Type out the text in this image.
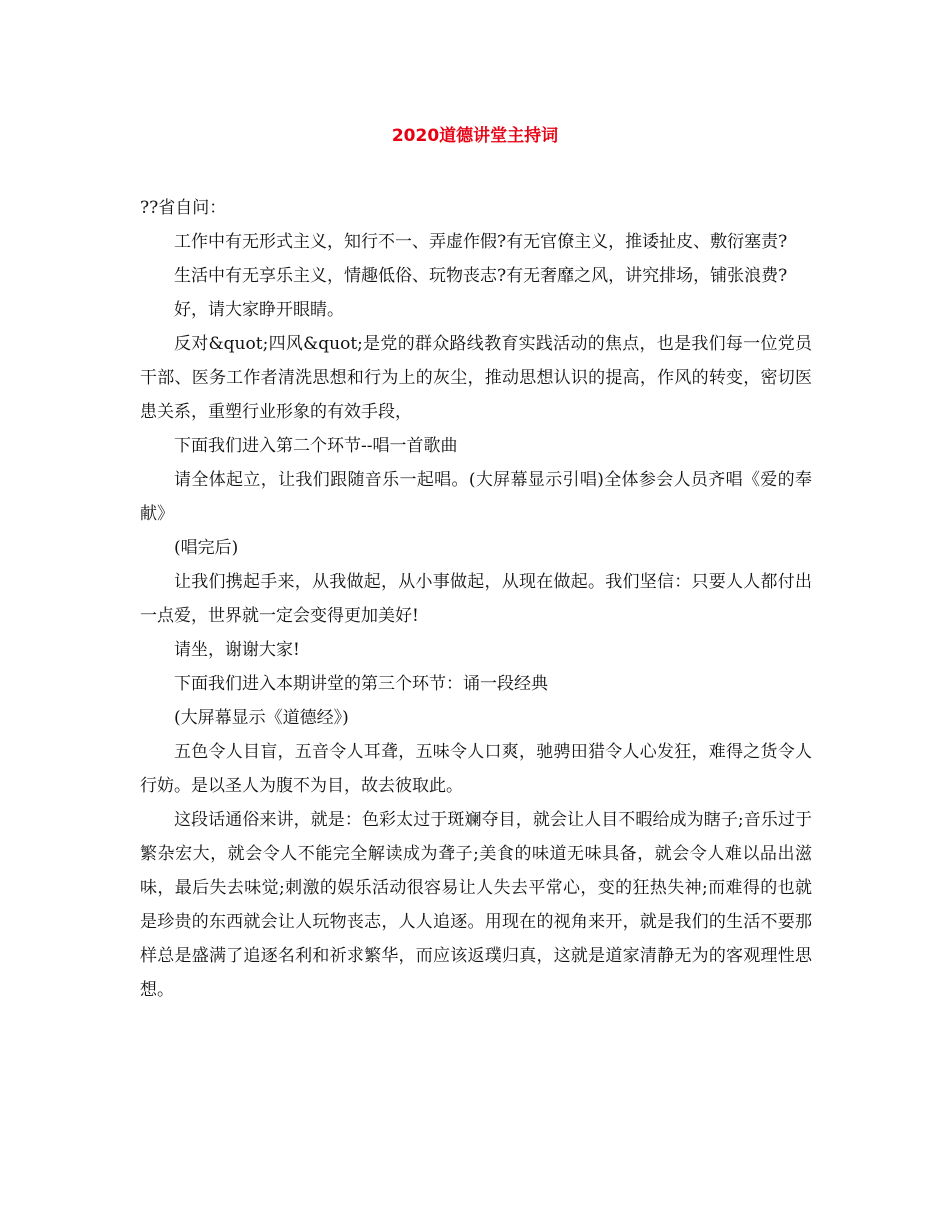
2020道德讲堂主持词

??省自问：

工作中有无形式主义，知行不一、弄虚作假?有无官僚主义，推诿扯皮、敷衍塞责?

生活中有无享乐主义，情趣低俗、玩物丧志?有无奢靡之风，讲究排场，铺张浪费?

好，请大家睁开眼睛。

反对&quot;四风&quot;是党的群众路线教育实践活动的焦点，也是我们每一位党员干部、医务工作者清洗思想和行为上的灰尘，推动思想认识的提高，作风的转变，密切医患关系，重塑行业形象的有效手段，

下面我们进入第二个环节--唱一首歌曲

请全体起立，让我们跟随音乐一起唱。(大屏幕显示引唱)全体参会人员齐唱《爱的奉献》

(唱完后)

让我们携起手来，从我做起，从小事做起，从现在做起。我们坚信：只要人人都付出一点爱，世界就一定会变得更加美好!

请坐，谢谢大家!

下面我们进入本期讲堂的第三个环节：诵一段经典

(大屏幕显示《道德经》)

五色令人目盲，五音令人耳聋，五味令人口爽，驰骋田猎令人心发狂，难得之货令人行妨。是以圣人为腹不为目，故去彼取此。

这段话通俗来讲，就是：色彩太过于斑斓夺目，就会让人目不暇给成为瞎子;音乐过于繁杂宏大，就会令人不能完全解读成为聋子;美食的味道无味具备，就会令人难以品出滋味，最后失去味觉;刺激的娱乐活动很容易让人失去平常心，变的狂热失神;而难得的也就是珍贵的东西就会让人玩物丧志，人人追逐。用现在的视角来开，就是我们的生活不要那样总是盛满了追逐名利和祈求繁华，而应该返璞归真，这就是道家清静无为的客观理性思想。
